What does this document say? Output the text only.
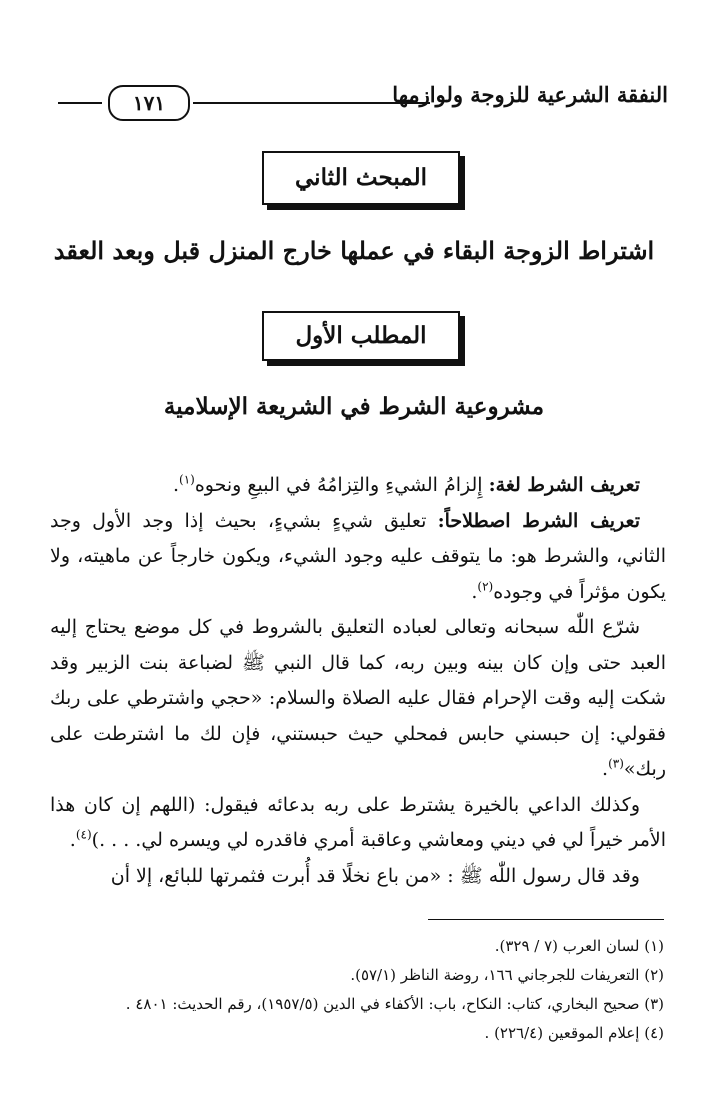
النفقة الشرعية للزوجة ولوازمها
١٧١
المبحث الثاني
اشتراط الزوجة البقاء في عملها خارج المنزل قبل وبعد العقد
المطلب الأول
مشروعية الشرط في الشريعة الإسلامية

تعريف الشرط لغة: إِلزامُ الشيءِ والتِزامُهُ في البيعِ ونحوه$^{(١)}$.

تعريف الشرط اصطلاحاً: تعليق شيءٍ بشيءٍ، بحيث إذا وجد الأول وجد الثاني، والشرط هو: ما يتوقف عليه وجود الشيء، ويكون خارجاً عن ماهيته، ولا يكون مؤثراً في وجوده$^{(٢)}$.

شرّع اللّٰه سبحانه وتعالى لعباده التعليق بالشروط في كل موضع يحتاج إليه العبد حتى وإن كان بينه وبين ربه، كما قال النبي ﷺ لضباعة بنت الزبير وقد شكت إليه وقت الإحرام فقال عليه الصلاة والسلام: «حجي واشترطي على ربك فقولي: إن حبسني حابس فمحلي حيث حبستني، فإن لك ما اشترطت على ربك»$^{(٣)}$.

وكذلك الداعي بالخيرة يشترط على ربه بدعائه فيقول: (اللهم إن كان هذا الأمر خيراً لي في ديني ومعاشي وعاقبة أمري فاقدره لي ويسره لي. . . .)$^{(٤)}$.

وقد قال رسول اللّٰه ﷺ : «من باع نخلًا قد أُبرت فثمرتها للبائع، إلا أن

(١) لسان العرب (٧ / ٣٢٩).
(٢) التعريفات للجرجاني ١٦٦، روضة الناظر (٥٧/١).
(٣) صحيح البخاري، كتاب: النكاح، باب: الأكفاء في الدين (١٩٥٧/٥)، رقم الحديث: ٤٨٠١ .
(٤) إعلام الموقعين (٢٢٦/٤) .
